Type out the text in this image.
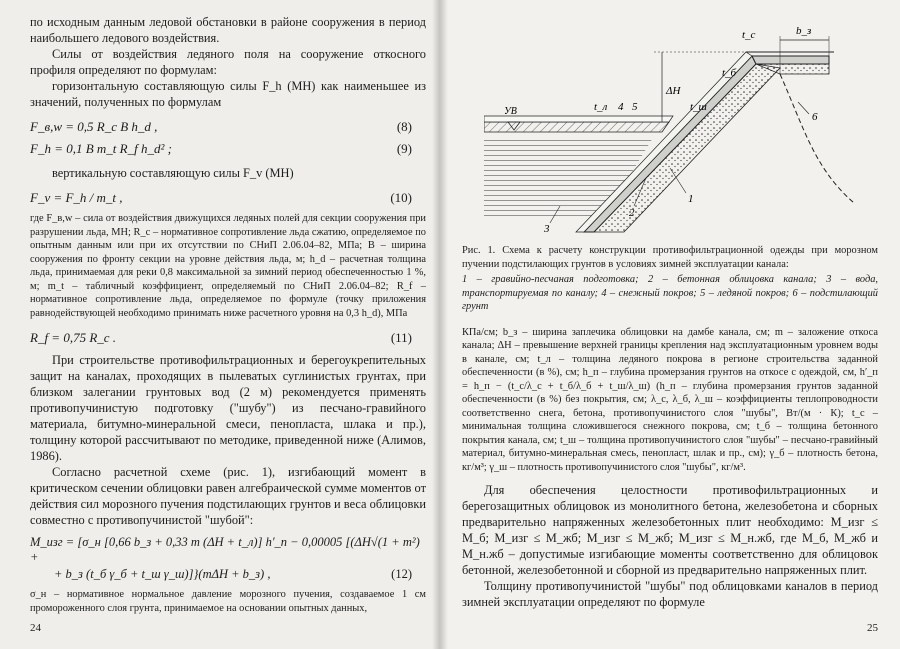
по исходным данным ледовой обстановки в районе сооружения в период наибольшего ледового воздействия.

Силы от воздействия ледяного поля на сооружение откосного профиля определяют по формулам:

горизонтальную составляющую силы F_h (МН) как наименьшее из значений, полученных по формулам

F_в,w = 0,5 R_c B h_d ,	(8)
F_h = 0,1 B m_t R_f h_d² ;	(9)

вертикальную составляющую силы F_v (МН)

F_v = F_h / m_t ,	(10)

где F_в,w – сила от воздействия движущихся ледяных полей для секции сооружения при разрушении льда, МН; R_c – нормативное сопротивление льда сжатию, определяемое по опытным данным или при их отсутствии по СНиП 2.06.04–82, МПа; B – ширина сооружения по фронту секции на уровне действия льда, м; h_d – расчетная толщина льда, принимаемая для реки 0,8 максимальной за зимний период обеспеченностью 1 %, м; m_t – табличный коэффициент, определяемый по СНиП 2.06.04–82; R_f – нормативное сопротивление льда, определяемое по формуле (точку приложения равнодействующей необходимо принимать ниже расчетного уровня на 0,3 h_d), МПа

R_f = 0,75 R_c .	(11)

При строительстве противофильтрационных и берегоукрепительных защит на каналах, проходящих в пылеватых суглинистых грунтах, при близком залегании грунтовых вод (2 м) рекомендуется применять противопучинистую подготовку ("шубу") из песчано-гравийного материала, битумно-минеральной смеси, пенопласта, шлака и пр.), толщину которой рассчитывают по методике, приведенной ниже (Алимов, 1986).

Согласно расчетной схеме (рис. 1), изгибающий момент в критическом сечении облицовки равен алгебраической сумме моментов от действия сил морозного пучения подстилающих грунтов и веса облицовки совместно с противопучинистой "шубой":

M_изг = [σ_н [0,66 b_з + 0,33 m (ΔH + t_л)] h′_п − 0,00005 [(ΔH√(1 + m²) +
+ b_з (t_б γ_б + t_ш γ_ш)]}(mΔH + b_з) ,	(12)

σ_н – нормативное нормальное давление морозного пучения, создаваемое 1 см промороженного слоя грунта, принимаемое на основании опытных данных,

24
t_c	b_з
t_б
t_ш
ΔH
t_л
УВ
1
2
3
4 5
6

Рис. 1. Схема к расчету конструкции противофильтрационной одежды при морозном пучении подстилающих грунтов в условиях зимней эксплуатации канала:

1 – гравийно-песчаная подготовка; 2 – бетонная облицовка канала; 3 – вода, транспортируемая по каналу; 4 – снежный покров; 5 – ледяной покров; 6 – подстилающий грунт

КПа/см; b_з – ширина заплечика облицовки на дамбе канала, см; m – заложение откоса канала; ΔH – превышение верхней границы крепления над эксплуатационным уровнем воды в канале, см; t_л – толщина ледяного покрова в регионе строительства заданной обеспеченности (в %), см; h_п – глубина промерзания грунтов на откосе с одеждой, см, h′_п = h_п − (t_c/λ_c + t_б/λ_б + t_ш/λ_ш) (h_п – глубина промерзания грунтов заданной обеспеченности (в %) без покрытия, см; λ_c, λ_б, λ_ш – коэффициенты теплопроводности соответственно снега, бетона, противопучинистого слоя "шубы", Вт/(м · К); t_c – минимальная толщина сложившегося снежного покрова, см; t_б – толщина бетонного покрытия канала, см; t_ш – толщина противопучинистого слоя "шубы" – песчано-гравийный материал, битумно-минеральная смесь, пенопласт, шлак и пр., см); γ_б – плотность бетона, кг/м³; γ_ш – плотность противопучинистого слоя "шубы", кг/м³.

Для обеспечения целостности противофильтрационных и берегозащитных облицовок из монолитного бетона, железобетона и сборных предварительно напряженных железобетонных плит необходимо: M_изг ≤ M_б; M_изг ≤ M_жб; M_изг ≤ M_жб; M_изг ≤ M_н.жб, где M_б, M_жб и M_н.жб – допустимые изгибающие моменты соответственно для облицовок бетонной, железобетонной и сборной из предварительно напряженных плит.

Толщину противопучинистой "шубы" под облицовками каналов в период зимней эксплуатации определяют по формуле

25
